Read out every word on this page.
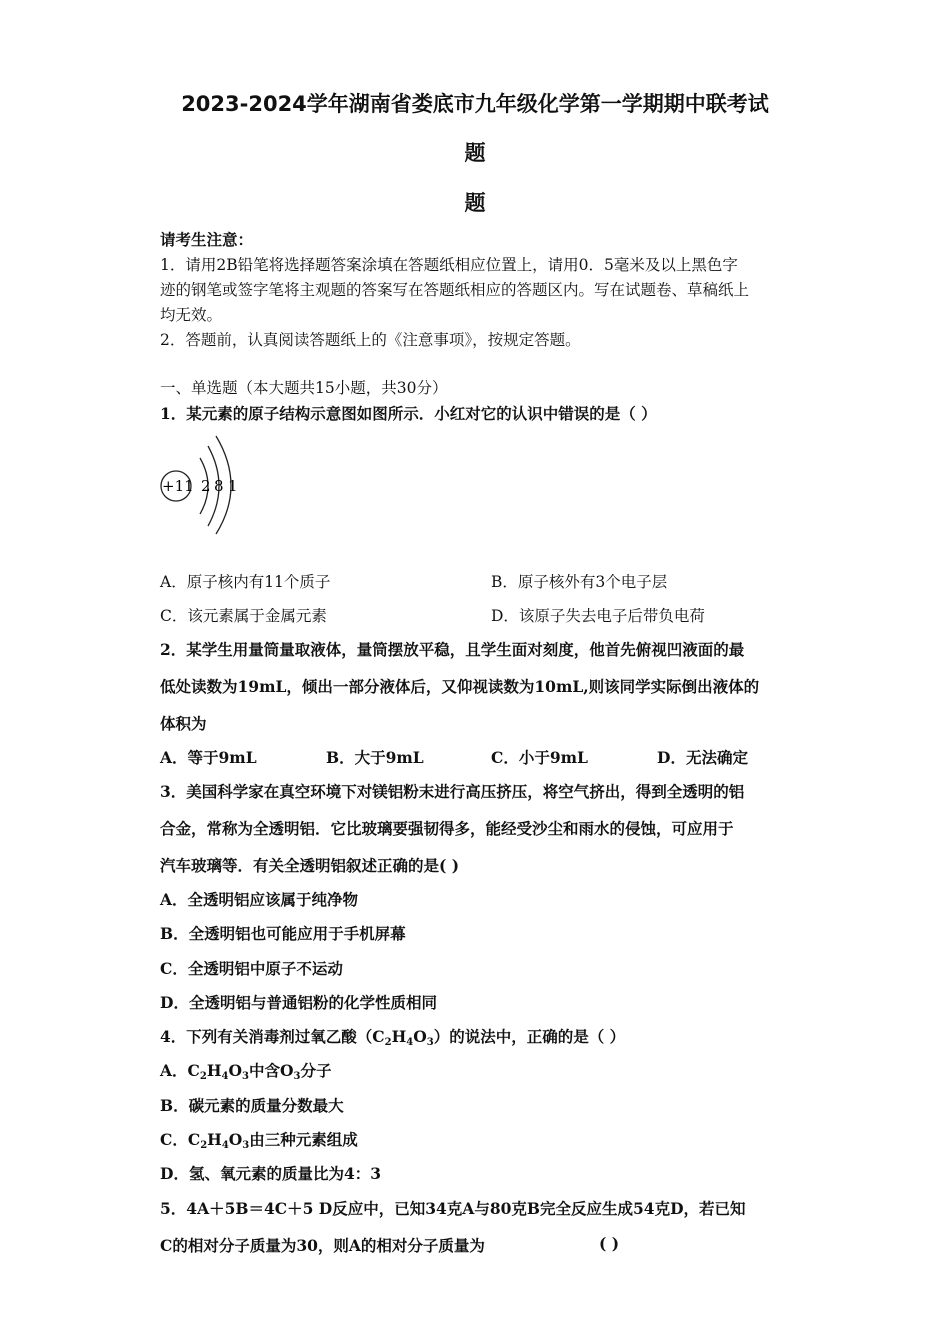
2023-2024学年湖南省娄底市九年级化学第一学期期中联考试
题
题
请考生注意：
1．请用2B铅笔将选择题答案涂填在答题纸相应位置上，请用0．5毫米及以上黑色字
迹的钢笔或签字笔将主观题的答案写在答题纸相应的答题区内。写在试题卷、草稿纸上
均无效。
2．答题前，认真阅读答题纸上的《注意事项》，按规定答题。
一、单选题（本大题共15小题，共30分）
1．某元素的原子结构示意图如图所示．小红对它的认识中错误的是（ ）
+11 2 8 1
A．原子核内有11个质子	B．原子核外有3个电子层
C．该元素属于金属元素	D．该原子失去电子后带负电荷
2．某学生用量筒量取液体，量筒摆放平稳，且学生面对刻度，他首先俯视凹液面的最
低处读数为19mL，倾出一部分液体后，又仰视读数为10mL,则该同学实际倒出液体的
体积为
A．等于9mL	B．大于9mL	C．小于9mL	D．无法确定
3．美国科学家在真空环境下对镁铝粉末进行高压挤压，将空气挤出，得到全透明的铝
合金，常称为全透明铝．它比玻璃要强韧得多，能经受沙尘和雨水的侵蚀，可应用于
汽车玻璃等．有关全透明铝叙述正确的是( )
A．全透明铝应该属于纯净物
B．全透明铝也可能应用于手机屏幕
C．全透明铝中原子不运动
D．全透明铝与普通铝粉的化学性质相同
4．下列有关消毒剂过氧乙酸$(C_2H_4O_3)$的说法中，正确的是（ ）
A．$C_2H_4O_3$中含$O_3$分子
B．碳元素的质量分数最大
C．$C_2H_4O_3$由三种元素组成
D．氢、氧元素的质量比为4：3
5．4A＋5B＝4C＋5 D反应中，已知34克A与80克B完全反应生成54克D，若已知
C的相对分子质量为30，则A的相对分子质量为	( )
